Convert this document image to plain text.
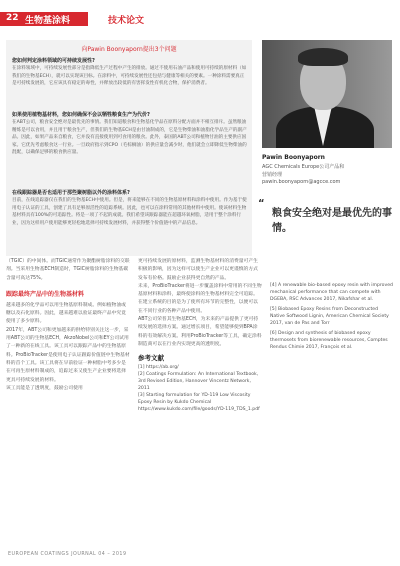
22 生物基涂料	技术论文
向Pawin Boonyaporn提出3个问题
您如何判定涂料领域的可持续发展性?
在涂料领域中，可持续发展性部分是指降低生产过程中产生的排放。通过不使用石油产品和使用可持续的原材料（如我们的生物基ECH），就可以实现该目标。在涂料中，可持续发展性还包括与健康等相关的要素。一种涂料需要真正是可持续发展的，它应该具有稳定的毒性，并释放出较低的有害挥发性有机化合物，保护消费者。
如果使用植物基材料，您如何确保不会以牺牲粮食生产为代价?
在ABT公司，粮食安全绝对是最优先的事情。我们知道粮食和生物基化学品在原料分配方面并不相互排斥。虽然粮油精炼是可以食用，并且用于粮食生产，但我们的生物基ECH是由甘油制成的，它是生物柴油和油脂化学品生产的副产品。因此，如果产品来自粮食，它并没有直接使用到可食用的粮食。此外，泰国的ABT公司和植物甘油的主要供应国家。它优先考虑粮食这一行业。一旦政府指示到CPO（毛棕榈油）的供应量会减少时，他们就会立即降低生物柴油的混配，以确保足够的粮食供应量。
在线跟踪器是否也适用于那些聚树脂以外的涂料体系?
目前，在线追踪器仅在我们的生物基ECH中使用。但是，将来能够在不同的生物基原材料和涂料中使用。作为基于使用电子认证的工具，创建了具有足够原活性的追踪系统。因此，也可以在涂料常用的其他材料中使用。使该材料生物基材料具有100%的可追踪性。将是一项了不起的成就。我们希望该跟踪器能在超越环氧树脂，适用于整个涂料行业，因为这样用户使用能够更轻松地选择可持续发展材料，并获得整个价值链中的产品信息。
Pawin Boonyaporn
AGC Chemicals Europe公司产品和
营销经理
pawin.boonyaporn@agcce.com
“
粮食安全绝对是最优先的事情。

（TGIC）的中间体。而TGIC通常作为聚酯树脂涂料的交联剂。当采用生物基ECH制造时，TGIC树脂涂料的生物基碳含量可高达75%。

跟踪最终产品中的生物基材料

越来越多的化学品可以用生物基原料制成。例如植物油或糖以及石化原料。因此，越来越难以验证最终产品中究竟使用了多少原料。

2017年，ABT公司和更加越来的供给特别关注这一步，采用ABT公司的生物基ECH，AkzoNobel公司和EY公司试用了一种新的在线工具。该工具可以跟踪产品中的生物基原料。ProBioTracker是使用电子认证跟踪价值链中生物基材料的首个工具。该工具将在早前验证一种树脂中考多少是在可再生原材料制成的，追踪过来又使生产企业要将选择更具可持续发展的材料。

该工具能是了透明度，鼓励公司使用

更可持续发展的原材料，监测生物基材料的消费量可产生积极的影响，因为这样可以使生产企业可以更谨慎的方式发布有价格。鼓励企业获得更自然的产品。

未来，ProBioTracker将进一步覆盖涂料中常用的不同生物基原材料和涂料，最终使涂料的生物基材料完全可追踪。在建立系统的目的是为了使所有环节的完整性，以便可以在不同行业的各种产品中使用。

ABT公司荣普其生物基ECH，为未来的产品提供了更可持续发展的选择方案。通过增长项目，希望能够使到BPA涂料的有效解决方案。利用ProBioTracker等工具，确定涂料制造商可以在行业内实现更高的透明度。

参考文献
[1] https://ab.org/
[2] Coatings Formulation: An International Textbook, 3rd Revised Edition, Hannover Vincentz Network, 2011
[3] Starting formulation for YD-119 Low Viscosity Epoxy Resin by Kukdo Chemical https://www.kukdo.com/file/goods/YD-119_TDS_1.pdf
[4] A renewable bio-based epoxy resin with improved mechanical performance that can compete with DGEBA, RSC Advances 2017, Nikafshar et al.
[5] Biobased Epoxy Resins from Deconstructed Native Softwood Lignin, American Chemical Society 2017, van de Pas and Torr
[6] Design and synthesis of biobased epoxy thermosets from biorenewable resources, Comptes Rendus Chimie 2017, François et al.
EUROPEAN COATINGS JOURNAL 04 – 2019
